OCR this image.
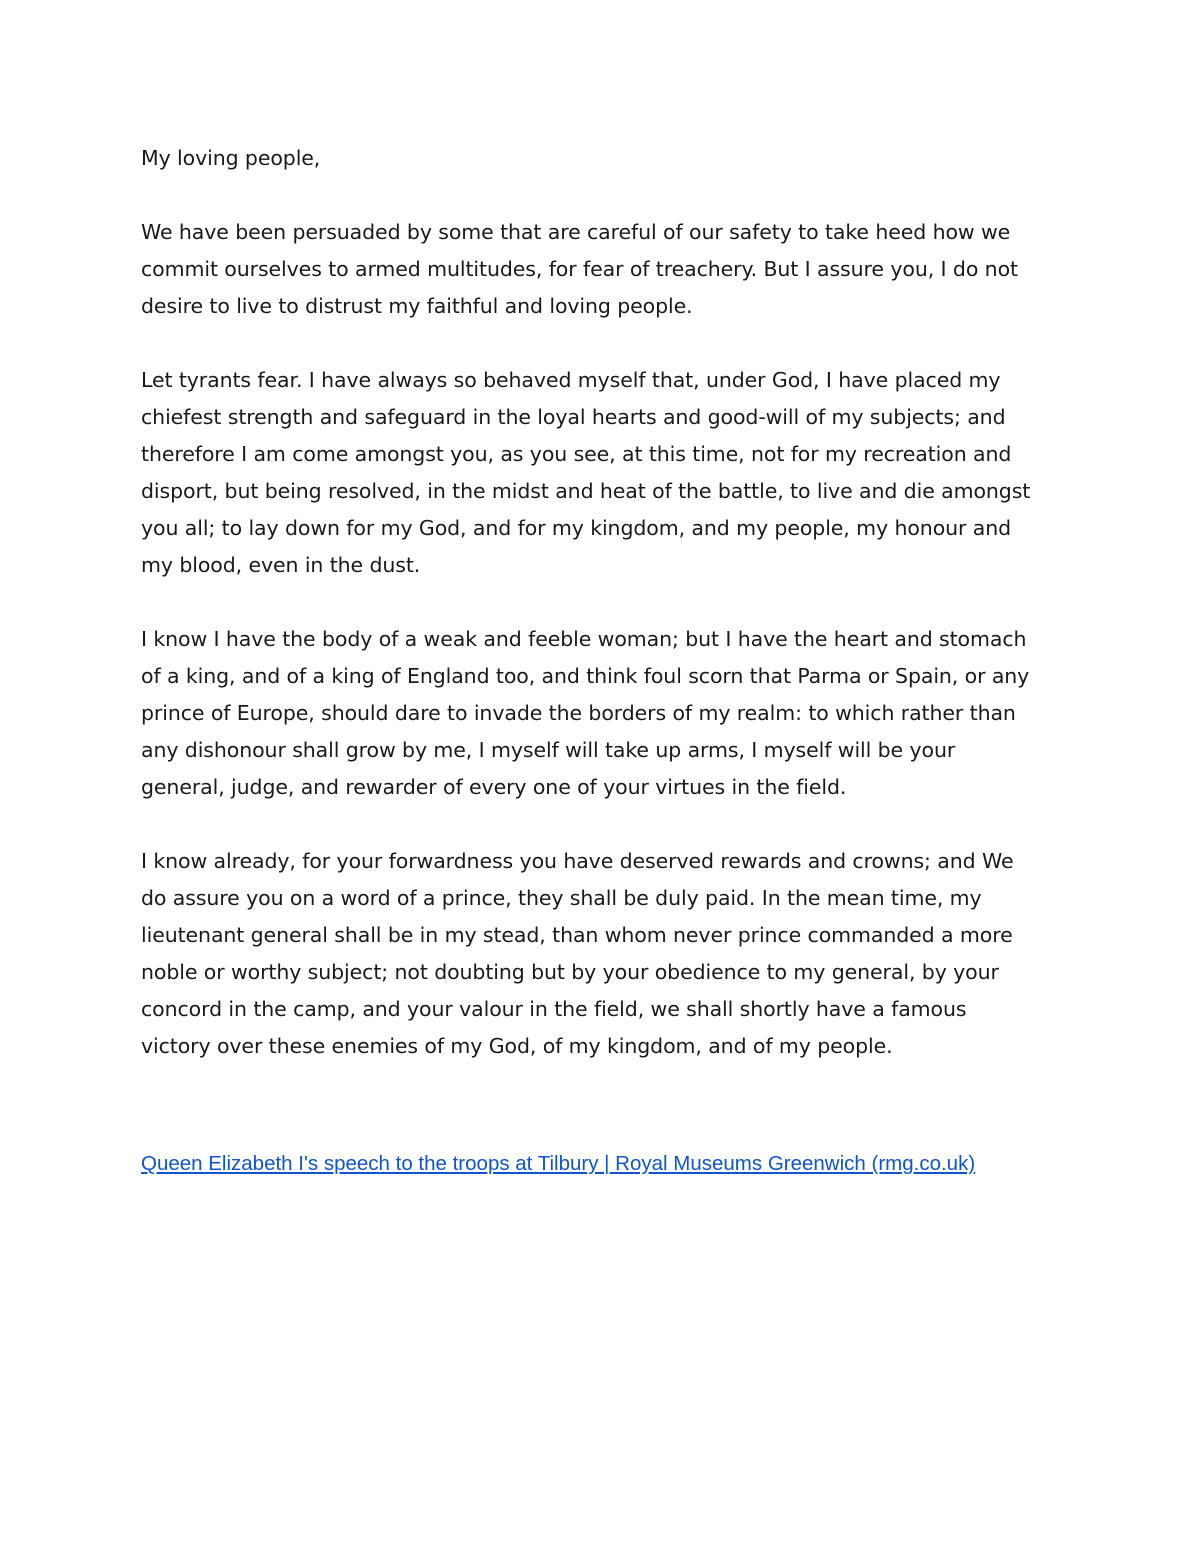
My loving people,

We have been persuaded by some that are careful of our safety to take heed how we
commit ourselves to armed multitudes, for fear of treachery. But I assure you, I do not
desire to live to distrust my faithful and loving people.

Let tyrants fear. I have always so behaved myself that, under God, I have placed my
chiefest strength and safeguard in the loyal hearts and good-will of my subjects; and
therefore I am come amongst you, as you see, at this time, not for my recreation and
disport, but being resolved, in the midst and heat of the battle, to live and die amongst
you all; to lay down for my God, and for my kingdom, and my people, my honour and
my blood, even in the dust.

I know I have the body of a weak and feeble woman; but I have the heart and stomach
of a king, and of a king of England too, and think foul scorn that Parma or Spain, or any
prince of Europe, should dare to invade the borders of my realm: to which rather than
any dishonour shall grow by me, I myself will take up arms, I myself will be your
general, judge, and rewarder of every one of your virtues in the field.

I know already, for your forwardness you have deserved rewards and crowns; and We
do assure you on a word of a prince, they shall be duly paid. In the mean time, my
lieutenant general shall be in my stead, than whom never prince commanded a more
noble or worthy subject; not doubting but by your obedience to my general, by your
concord in the camp, and your valour in the field, we shall shortly have a famous
victory over these enemies of my God, of my kingdom, and of my people.

Queen Elizabeth I's speech to the troops at Tilbury | Royal Museums Greenwich (rmg.co.uk)
